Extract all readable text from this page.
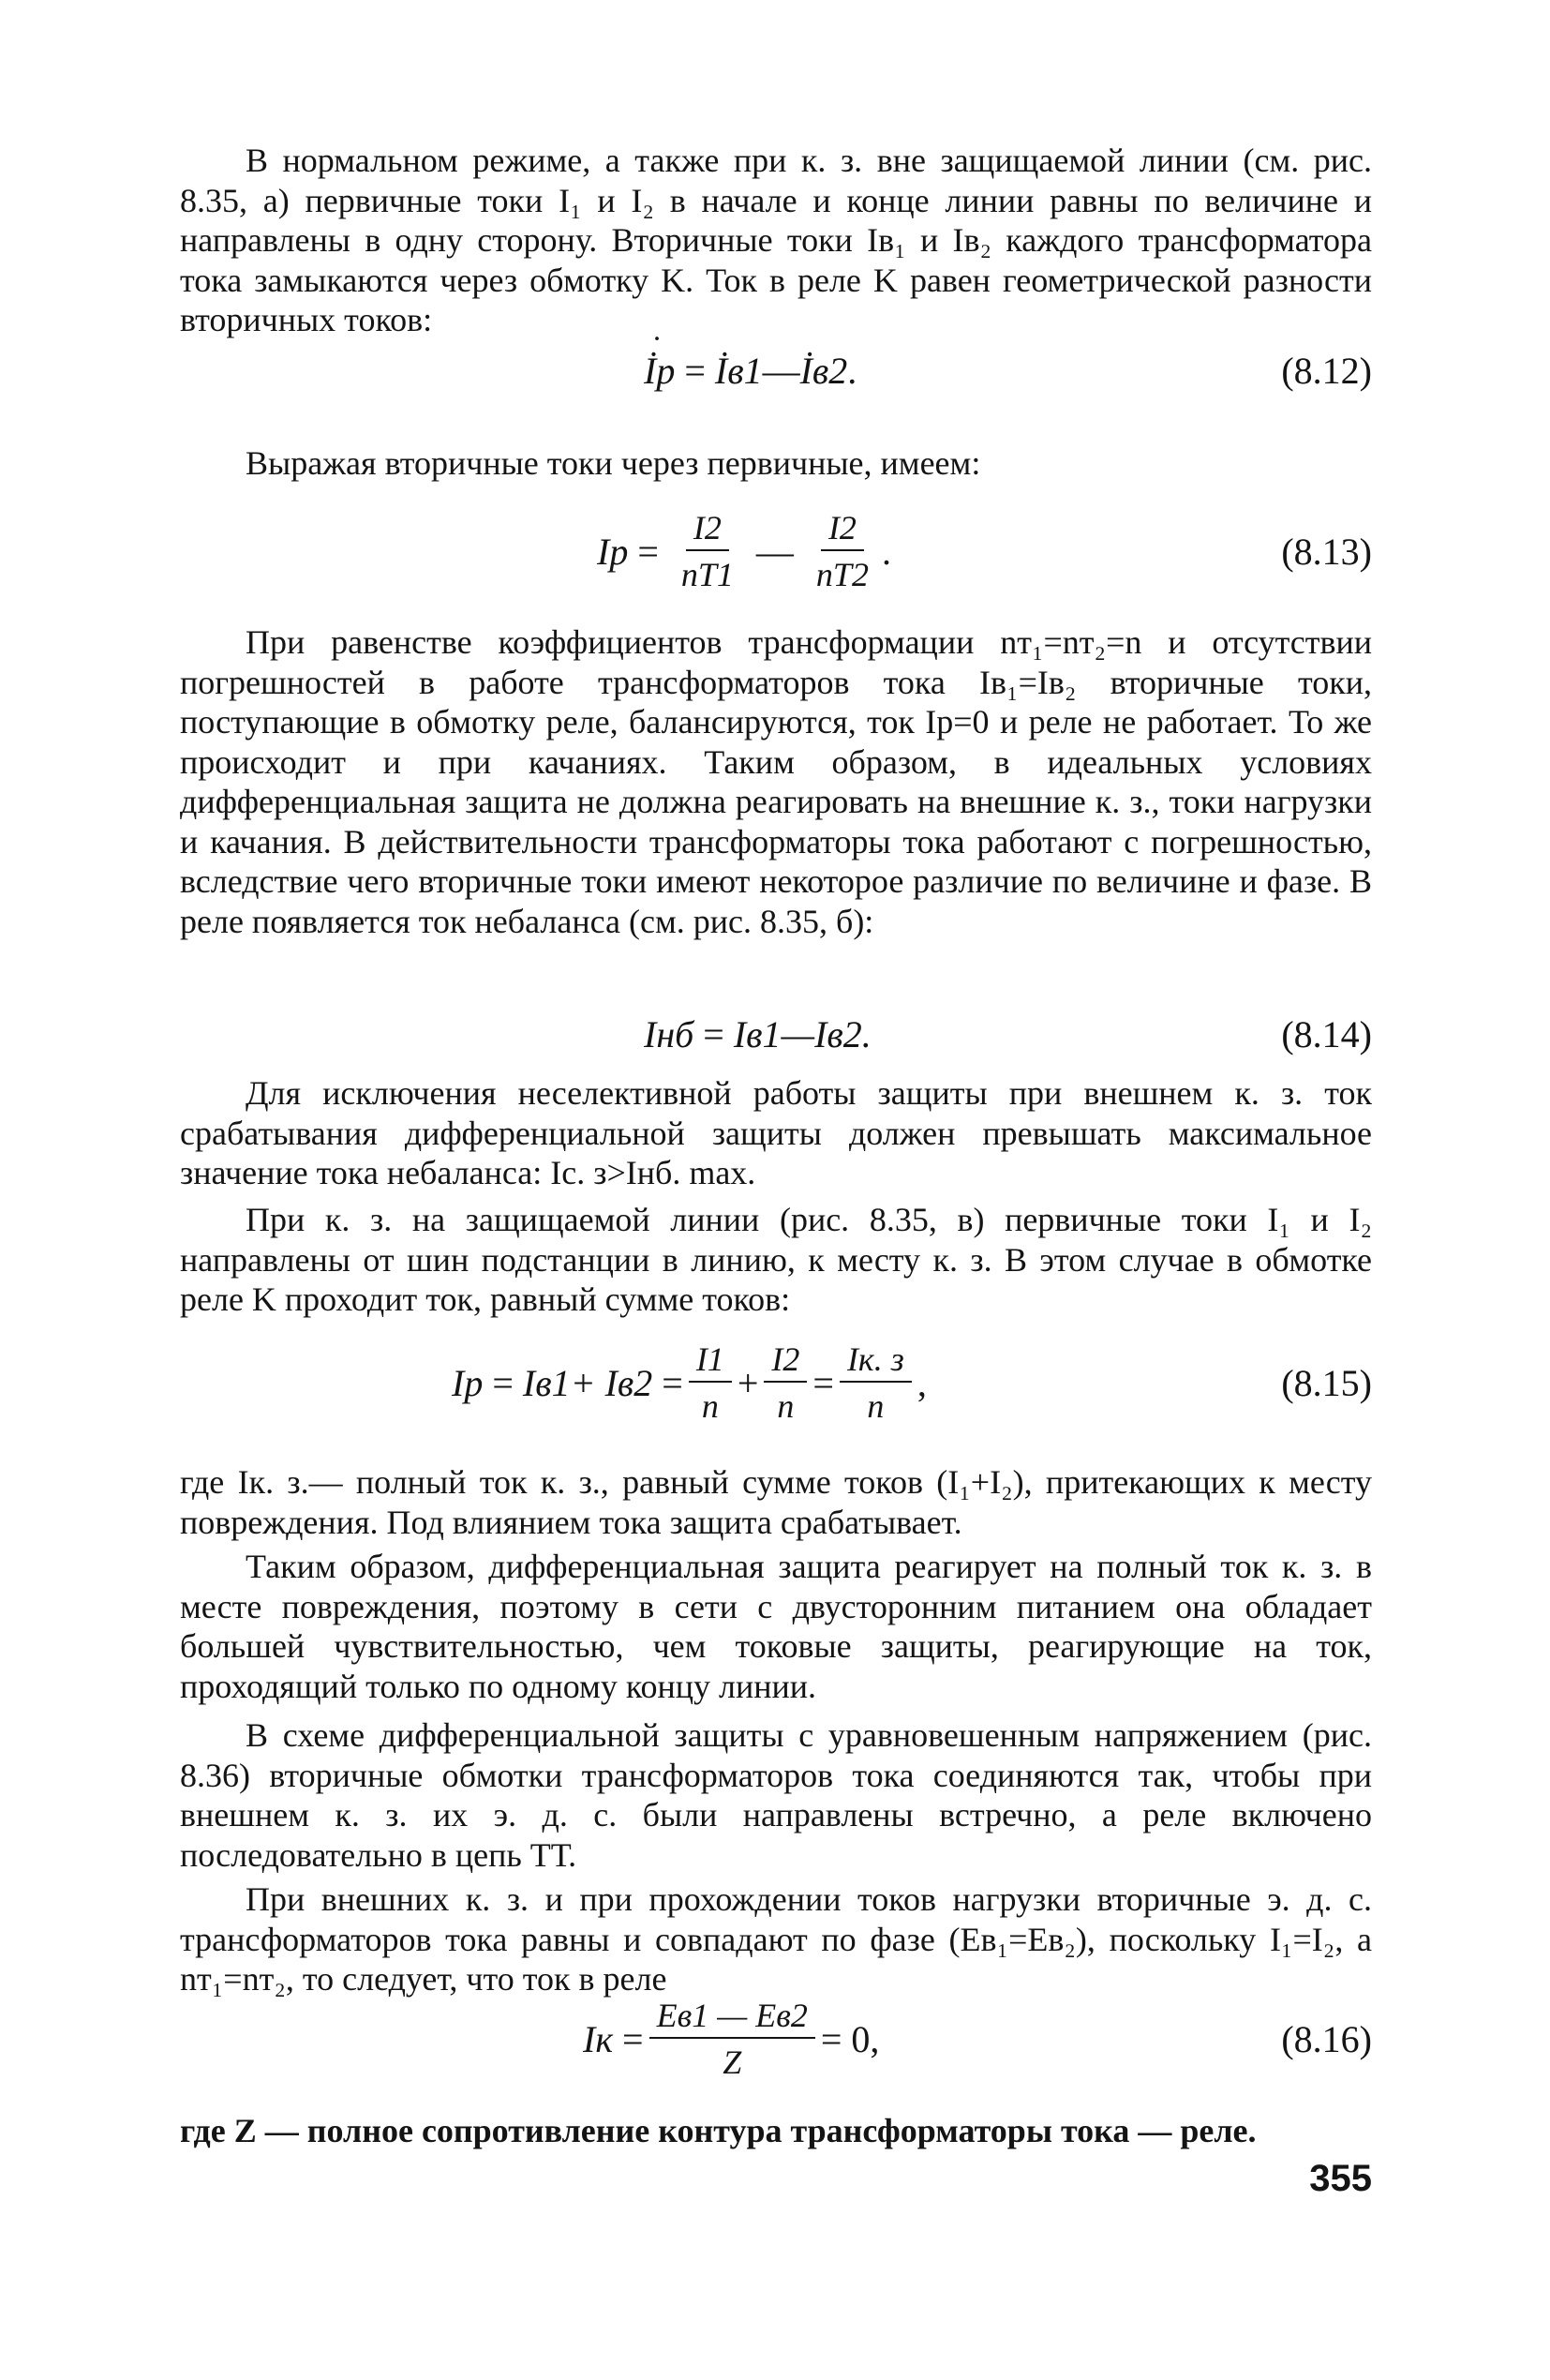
В нормальном режиме, а также при к. з. вне защищаемой линии (см. рис. 8.35, а) первичные токи I₁ и I₂ в начале и конце линии равны по величине и направлены в одну сторону. Вторичные токи Iв₁ и Iв₂ каждого трансформатора тока замыкаются через обмотку K. Ток в реле K равен геометрической разности вторичных токов:

˙ İр = İв1 — İв2 .	(8.12)

Выражая вторичные токи через первичные, имеем:

Iр = $\frac{I2}{nT1}$ — $\frac{I2}{nT2}$ .	(8.13)

При равенстве коэффициентов трансформации nт₁=nт₂=n и отсутствии погрешностей в работе трансформаторов тока Iв₁=Iв₂ вторичные токи, поступающие в обмотку реле, балансируются, ток Iр=0 и реле не работает. То же происходит и при качаниях. Таким образом, в идеальных условиях дифференциальная защита не должна реагировать на внешние к. з., токи нагрузки и качания. В действительности трансформаторы тока работают с погрешностью, вследствие чего вторичные токи имеют некоторое различие по величине и фазе. В реле появляется ток небаланса (см. рис. 8.35, б):

Iнб = Iв1—Iв2.	(8.14)

Для исключения неселективной работы защиты при внешнем к. з. ток срабатывания дифференциальной защиты должен превышать максимальное значение тока небаланса: Iс. з>Iнб. max.

При к. з. на защищаемой линии (рис. 8.35, в) первичные токи I₁ и I₂ направлены от шин подстанции в линию, к месту к. з. В этом случае в обмотке реле K проходит ток, равный сумме токов:

Iр = $Iв1+ Iв2 = \frac{I1}{n} + \frac{I2}{n} = \frac{Iк. з}{n}$ ,	(8.15)

где Iк. з.— полный ток к. з., равный сумме токов (I₁+I₂), притекающих к месту повреждения. Под влиянием тока защита срабатывает.

Таким образом, дифференциальная защита реагирует на полный ток к. з. в месте повреждения, поэтому в сети с двусторонним питанием она обладает большей чувствительностью, чем токовые защиты, реагирующие на ток, проходящий только по одному концу линии.

В схеме дифференциальной защиты с уравновешенным напряжением (рис. 8.36) вторичные обмотки трансформаторов тока соединяются так, чтобы при внешнем к. з. их э. д. с. были направлены встречно, а реле включено последовательно в цепь ТТ.

При внешних к. з. и при прохождении токов нагрузки вторичные э. д. с. трансформаторов тока равны и совпадают по фазе (Eв₁=Eв₂), поскольку I₁=I₂, а nт₁=nт₂, то следует, что ток в реле

Iк = $\frac{Eв1 — Eв2}{Z} = 0$,	(8.16)

где Z — полное сопротивление контура трансформаторы тока — реле.

355
